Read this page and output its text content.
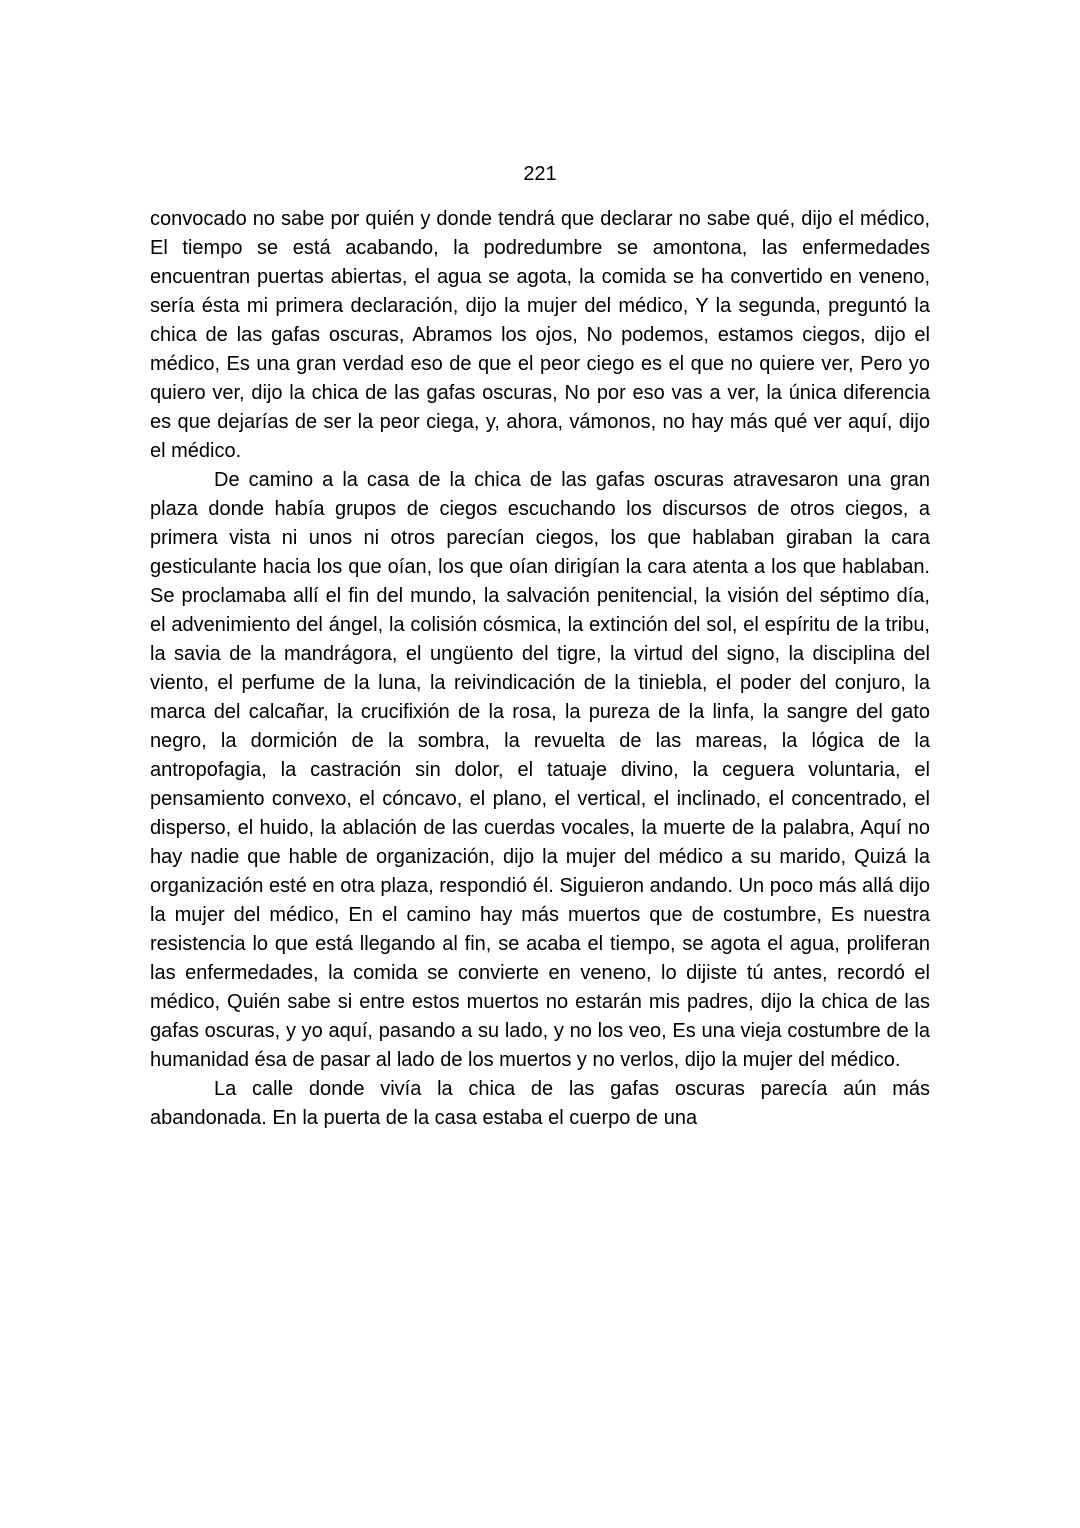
221

convocado no sabe por quién y donde tendrá que declarar no sabe qué, dijo el médico, El tiempo se está acabando, la podredumbre se amontona, las enfermedades encuentran puertas abiertas, el agua se agota, la comida se ha convertido en veneno, sería ésta mi primera declaración, dijo la mujer del médico, Y la segunda, preguntó la chica de las gafas oscuras, Abramos los ojos, No podemos, estamos ciegos, dijo el médico, Es una gran verdad eso de que el peor ciego es el que no quiere ver, Pero yo quiero ver, dijo la chica de las gafas oscuras, No por eso vas a ver, la única diferencia es que dejarías de ser la peor ciega, y, ahora, vámonos, no hay más qué ver aquí, dijo el médico.

De camino a la casa de la chica de las gafas oscuras atravesaron una gran plaza donde había grupos de ciegos escuchando los discursos de otros ciegos, a primera vista ni unos ni otros parecían ciegos, los que hablaban giraban la cara gesticulante hacia los que oían, los que oían dirigían la cara atenta a los que hablaban. Se proclamaba allí el fin del mundo, la salvación penitencial, la visión del séptimo día, el advenimiento del ángel, la colisión cósmica, la extinción del sol, el espíritu de la tribu, la savia de la mandrágora, el ungüento del tigre, la virtud del signo, la disciplina del viento, el perfume de la luna, la reivindicación de la tiniebla, el poder del conjuro, la marca del calcañar, la crucifixión de la rosa, la pureza de la linfa, la sangre del gato negro, la dormición de la sombra, la revuelta de las mareas, la lógica de la antropofagia, la castración sin dolor, el tatuaje divino, la ceguera voluntaria, el pensamiento convexo, el cóncavo, el plano, el vertical, el inclinado, el concentrado, el disperso, el huido, la ablación de las cuerdas vocales, la muerte de la palabra, Aquí no hay nadie que hable de organización, dijo la mujer del médico a su marido, Quizá la organización esté en otra plaza, respondió él. Siguieron andando. Un poco más allá dijo la mujer del médico, En el camino hay más muertos que de costumbre, Es nuestra resistencia lo que está llegando al fin, se acaba el tiempo, se agota el agua, proliferan las enfermedades, la comida se convierte en veneno, lo dijiste tú antes, recordó el médico, Quién sabe si entre estos muertos no estarán mis padres, dijo la chica de las gafas oscuras, y yo aquí, pasando a su lado, y no los veo, Es una vieja costumbre de la humanidad ésa de pasar al lado de los muertos y no verlos, dijo la mujer del médico.

La calle donde vivía la chica de las gafas oscuras parecía aún más abandonada. En la puerta de la casa estaba el cuerpo de una
